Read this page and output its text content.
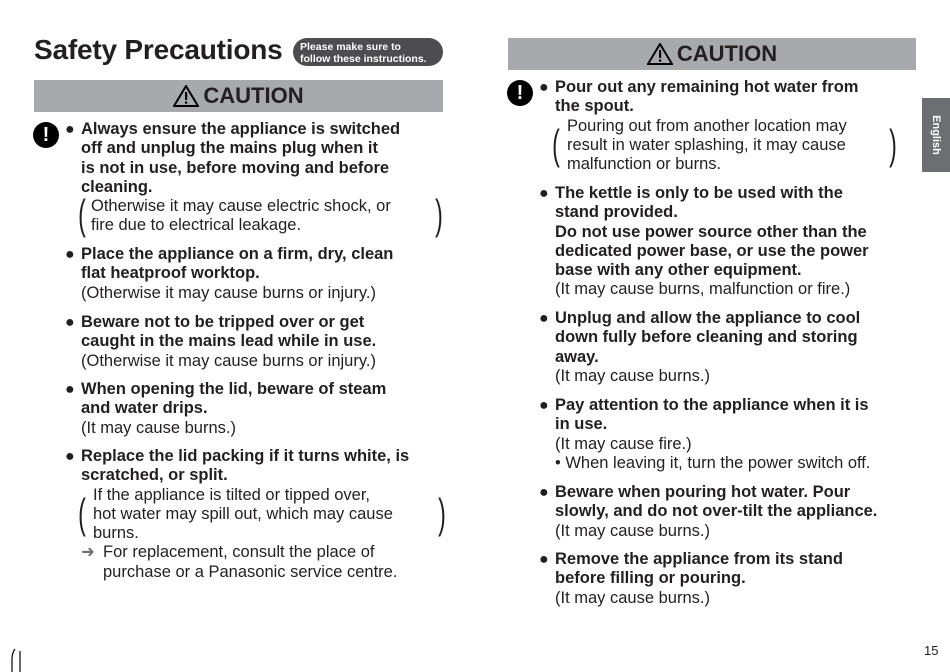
Safety Precautions Please make sure to
follow these instructions.
CAUTION
! ● Always ensure the appliance is switched
off and unplug the mains plug when it
is not in use, before moving and before
cleaning.
( Otherwise it may cause electric shock, or
fire due to electrical leakage.	)
● Place the appliance on a firm, dry, clean
flat heatproof worktop.
(Otherwise it may cause burns or injury.)
● Beware not to be tripped over or get
caught in the mains lead while in use.
(Otherwise it may cause burns or injury.)
● When opening the lid, beware of steam
and water drips.
(It may cause burns.)
● Replace the lid packing if it turns white, is
scratched, or split.
( If the appliance is tilted or tipped over,
hot water may spill out, which may cause
burns.	)
➜ For replacement, consult the place of
purchase or a Panasonic service centre.
CAUTION
! ● Pour out any remaining hot water from
the spout.
( Pouring out from another location may
result in water splashing, it may cause
malfunction or burns.	)
● The kettle is only to be used with the
stand provided.
Do not use power source other than the
dedicated power base, or use the power
base with any other equipment.
(It may cause burns, malfunction or fire.)
● Unplug and allow the appliance to cool
down fully before cleaning and storing
away.
(It may cause burns.)
● Pay attention to the appliance when it is
in use.
(It may cause fire.)
• When leaving it, turn the power switch off.
● Beware when pouring hot water. Pour
slowly, and do not over-tilt the appliance.
(It may cause burns.)
● Remove the appliance from its stand
before filling or pouring.
(It may cause burns.)
English
15
